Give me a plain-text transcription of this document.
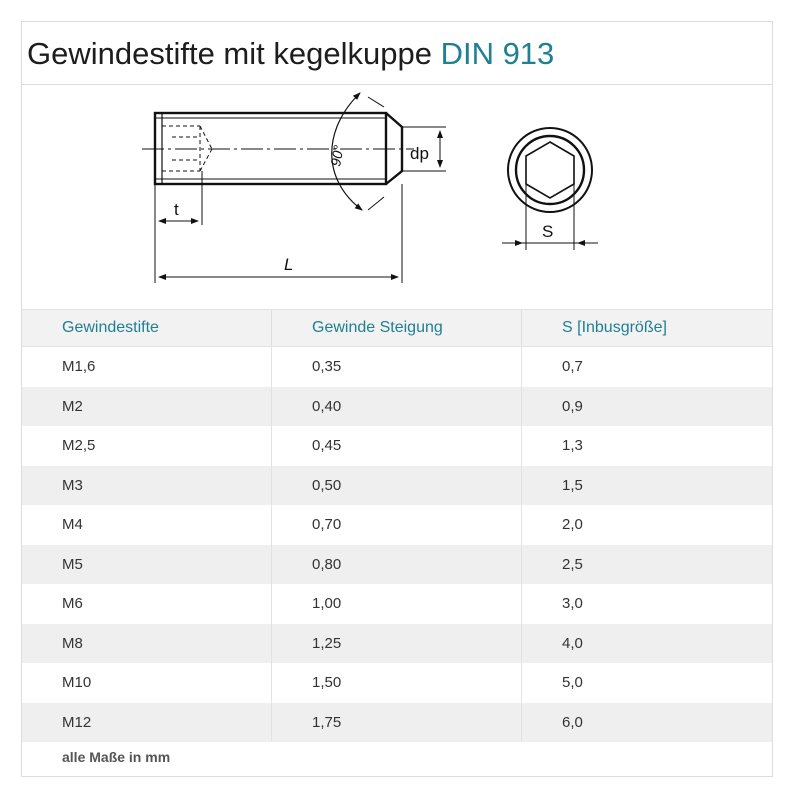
Gewindestifte mit kegelkuppe DIN 913
dp
90°
t
L
S
Gewindestifte	Gewinde Steigung	S [Inbusgröße]
M1,6	0,35	0,7
M2	0,40	0,9
M2,5	0,45	1,3
M3	0,50	1,5
M4	0,70	2,0
M5	0,80	2,5
M6	1,00	3,0
M8	1,25	4,0
M10	1,50	5,0
M12	1,75	6,0
alle Maße in mm
